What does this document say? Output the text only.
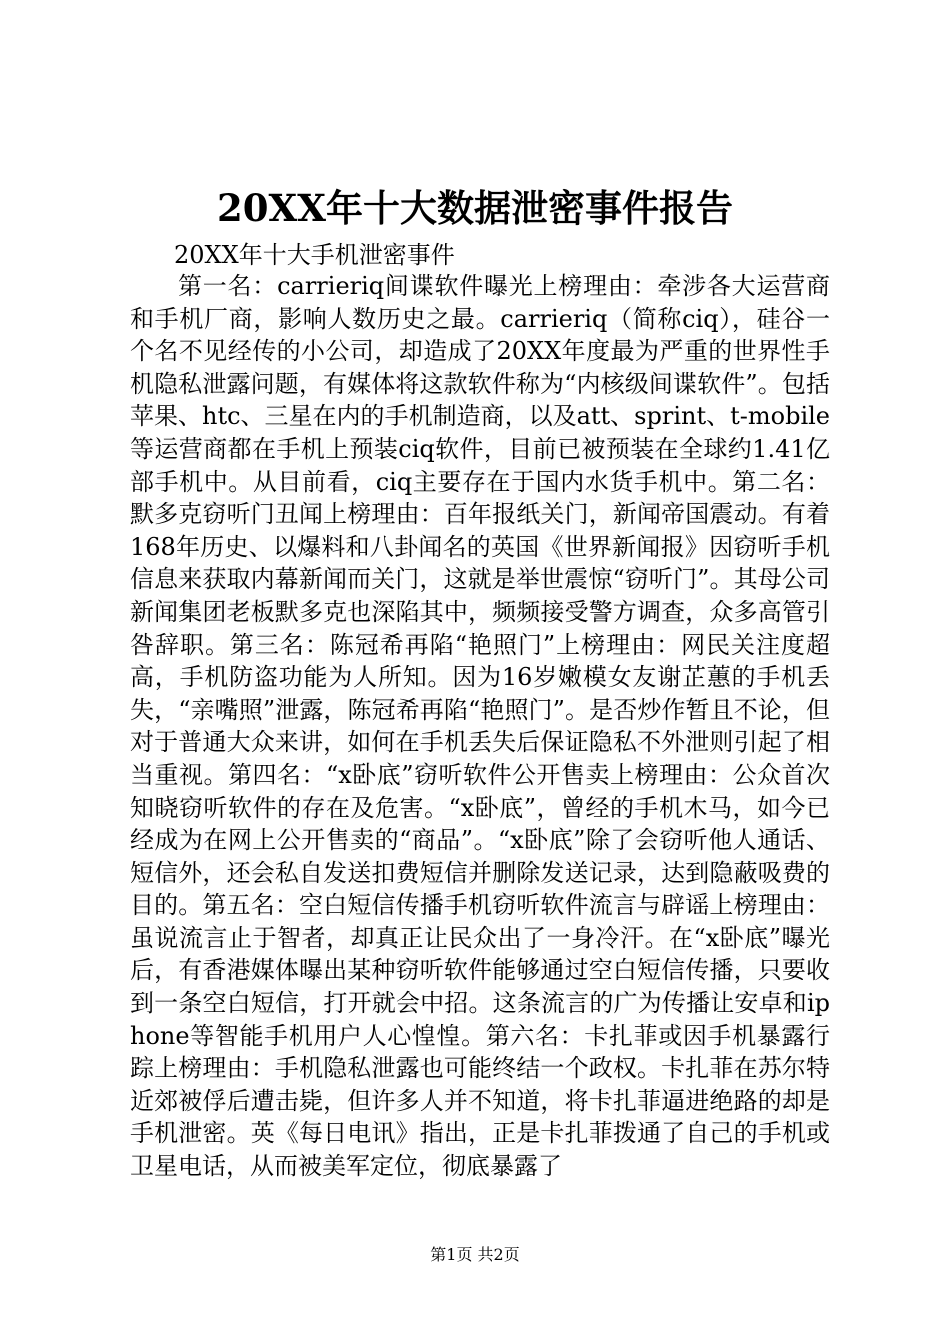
20XX年十大数据泄密事件报告

20XX年十大手机泄密事件

第一名：carrieriq间谍软件曝光上榜理由：牵涉各大运营商和手机厂商，影响人数历史之最。carrieriq（简称ciq），硅谷一个名不见经传的小公司，却造成了20XX年度最为严重的世界性手机隐私泄露问题，有媒体将这款软件称为“内核级间谍软件”。包括苹果、htc、三星在内的手机制造商，以及att、sprint、t-mobile等运营商都在手机上预装ciq软件，目前已被预装在全球约1.41亿部手机中。从目前看，ciq主要存在于国内水货手机中。第二名：默多克窃听门丑闻上榜理由：百年报纸关门，新闻帝国震动。有着168年历史、以爆料和八卦闻名的英国《世界新闻报》因窃听手机信息来获取内幕新闻而关门，这就是举世震惊“窃听门”。其母公司新闻集团老板默多克也深陷其中，频频接受警方调查，众多高管引咎辞职。第三名：陈冠希再陷“艳照门”上榜理由：网民关注度超高，手机防盗功能为人所知。因为16岁嫩模女友谢芷蕙的手机丢失，“亲嘴照”泄露，陈冠希再陷“艳照门”。是否炒作暂且不论，但对于普通大众来讲，如何在手机丢失后保证隐私不外泄则引起了相当重视。第四名：“x卧底”窃听软件公开售卖上榜理由：公众首次知晓窃听软件的存在及危害。“x卧底”，曾经的手机木马，如今已经成为在网上公开售卖的“商品”。“x卧底”除了会窃听他人通话、短信外，还会私自发送扣费短信并删除发送记录，达到隐蔽吸费的目的。第五名：空白短信传播手机窃听软件流言与辟谣上榜理由：虽说流言止于智者，却真正让民众出了一身冷汗。在“x卧底”曝光后，有香港媒体曝出某种窃听软件能够通过空白短信传播，只要收到一条空白短信，打开就会中招。这条流言的广为传播让安卓和iphone等智能手机用户人心惶惶。第六名：卡扎菲或因手机暴露行踪上榜理由：手机隐私泄露也可能终结一个政权。卡扎菲在苏尔特近郊被俘后遭击毙，但许多人并不知道，将卡扎菲逼进绝路的却是手机泄密。英《每日电讯》指出，正是卡扎菲拨通了自己的手机或卫星电话，从而被美军定位，彻底暴露了

第1页 共2页
